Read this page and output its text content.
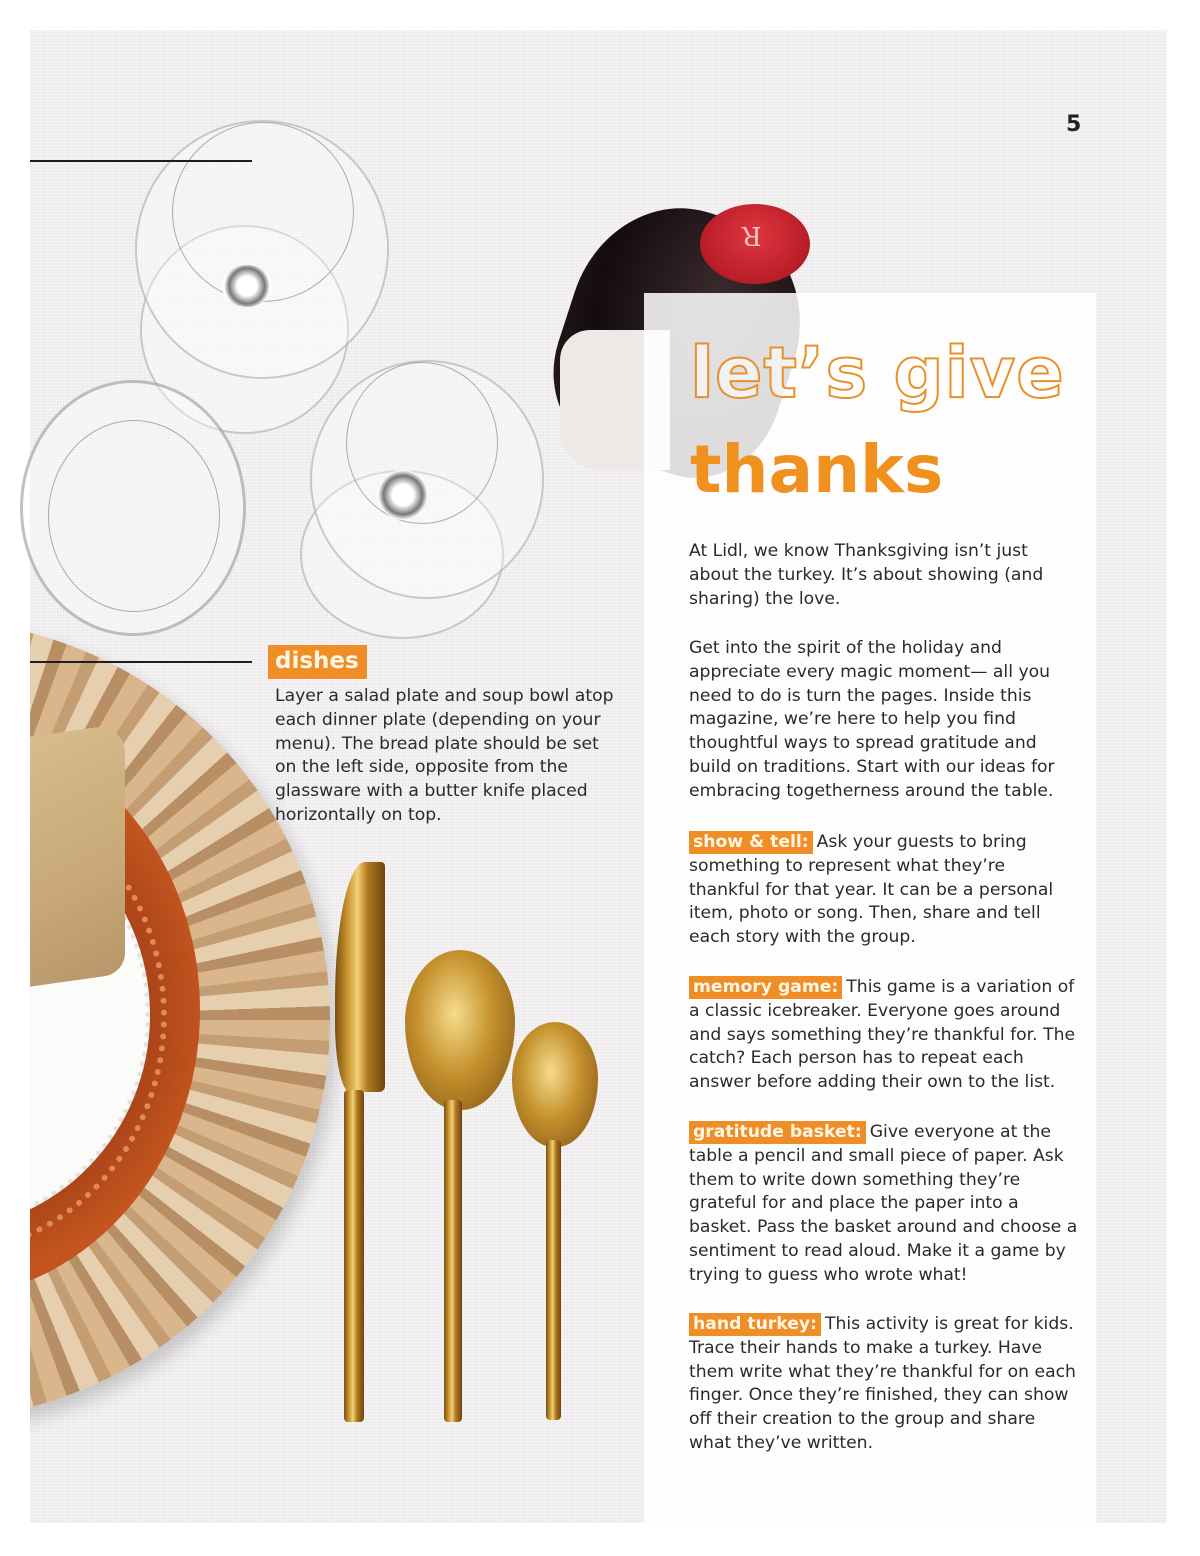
R
5
let’s give
thanks

At Lidl, we know Thanksgiving isn’t just about the turkey. It’s about showing (and sharing) the love.

Get into the spirit of the holiday and appreciate every magic moment— all you need to do is turn the pages. Inside this magazine, we’re here to help you find thoughtful ways to spread gratitude and build on traditions. Start with our ideas for embracing togetherness around the table.

show & tell: Ask your guests to bring something to represent what they’re thankful for that year. It can be a personal item, photo or song. Then, share and tell each story with the group.

memory game: This game is a variation of a classic icebreaker. Everyone goes around and says something they’re thankful for. The catch? Each person has to repeat each answer before adding their own to the list.

gratitude basket: Give everyone at the table a pencil and small piece of paper. Ask them to write down something they’re grateful for and place the paper into a basket. Pass the basket around and choose a sentiment to read aloud. Make it a game by trying to guess who wrote what!

hand turkey: This activity is great for kids. Trace their hands to make a turkey. Have them write what they’re thankful for on each finger. Once they’re finished, they can show off their creation to the group and share what they’ve written.

dishes

Layer a salad plate and soup bowl atop each dinner plate (depending on your menu). The bread plate should be set on the left side, opposite from the glassware with a butter knife placed horizontally on top.
